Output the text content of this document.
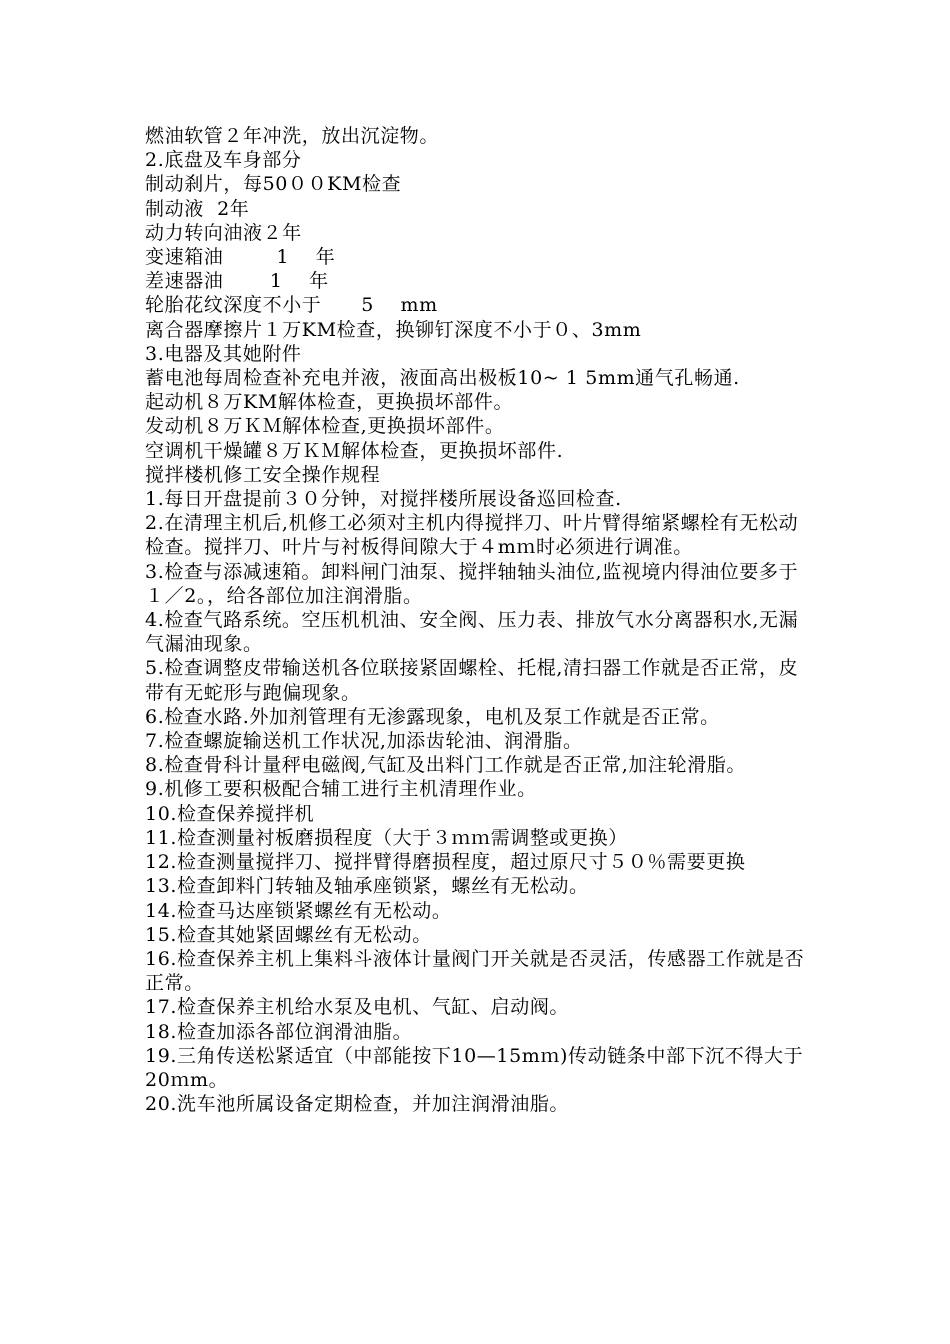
燃油软管２年冲洗，放出沉淀物。

2.底盘及车身部分

制动刹片，每50００KM检查

制动液  2年

动力转向油液２年

变速箱油        1    年

差速器油       1    年

轮胎花纹深度不小于      5    mm

离合器摩擦片１万KM检查，换铆钉深度不小于０、3mm

3.电器及其她附件

蓄电池每周检查补充电并液，液面高出极板10~ 1 5mm通气孔畅通.

起动机８万KM解体检查，更换损坏部件。

发动机８万ＫＭ解体检查,更换损坏部件。

空调机干燥罐８万ＫＭ解体检查，更换损坏部件.

搅拌楼机修工安全操作规程

1.每日开盘提前３０分钟，对搅拌楼所展设备巡回检查.

2.在清理主机后,机修工必须对主机内得搅拌刀、叶片臂得缩紧螺栓有无松动检查。搅拌刀、叶片与衬板得间隙大于４mｍ时必须进行调准。

3.检查与添减速箱。卸料闸门油泵、搅拌轴轴头油位,监视境内得油位要多于１／2。，给各部位加注润滑脂。

4.检查气路系统。空压机机油、安全阀、压力表、排放气水分离器积水,无漏气漏油现象。

5.检查调整皮带输送机各位联接紧固螺栓、托棍,清扫器工作就是否正常，皮带有无蛇形与跑偏现象。

6.检查水路.外加剂管理有无渗露现象，电机及泵工作就是否正常。

7.检查螺旋输送机工作状况,加添齿轮油、润滑脂。

8.检查骨科计量秤电磁阀,气缸及出料门工作就是否正常,加注轮滑脂。

9.机修工要积极配合辅工进行主机清理作业。

10.检查保养搅拌机

11.检查测量衬板磨损程度（大于３ｍｍ需调整或更换）

12.检查测量搅拌刀、搅拌臂得磨损程度，超过原尺寸５０％需要更换

13.检查卸料门转轴及轴承座锁紧，螺丝有无松动。

14.检查马达座锁紧螺丝有无松动。

15.检查其她紧固螺丝有无松动。

16.检查保养主机上集料斗液体计量阀门开关就是否灵活，传感器工作就是否正常。

17.检查保养主机给水泵及电机、气缸、启动阀。

18.检查加添各部位润滑油脂。

19.三角传送松紧适宜（中部能按下10—15mｍ)传动链条中部下沉不得大于20ｍm。

20.洗车池所属设备定期检查，并加注润滑油脂。
